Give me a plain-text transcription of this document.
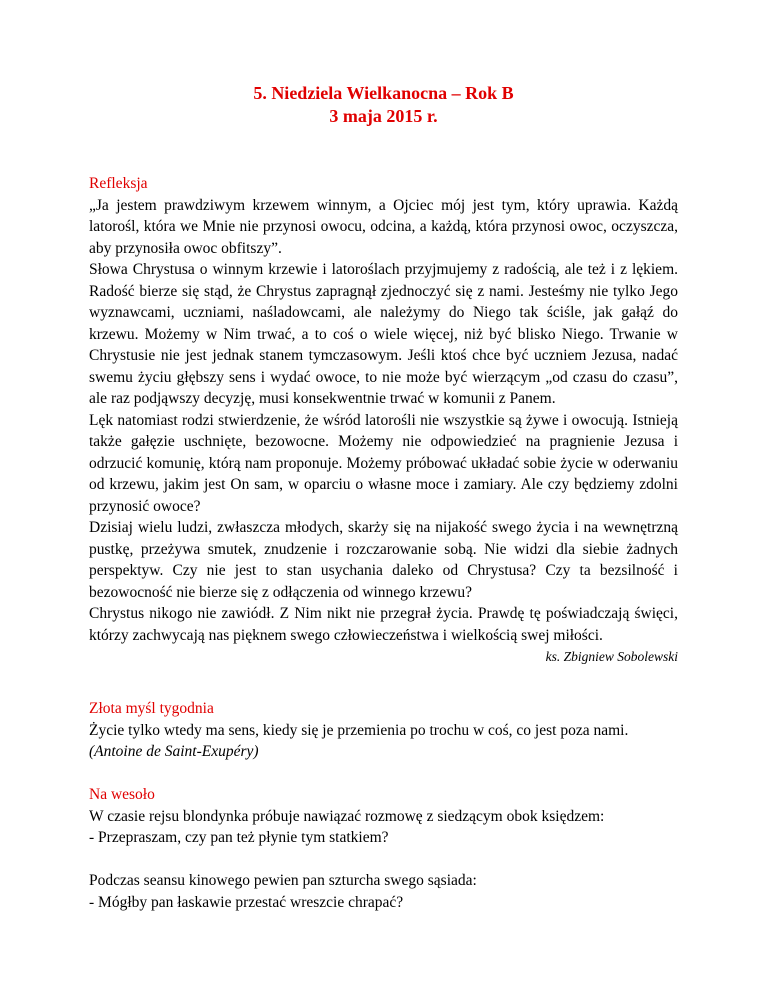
5. Niedziela Wielkanocna – Rok B
3 maja 2015 r.
Refleksja

„Ja jestem prawdziwym krzewem winnym, a Ojciec mój jest tym, który uprawia. Każdą latorośl, która we Mnie nie przynosi owocu, odcina, a każdą, która przynosi owoc, oczyszcza, aby przynosiła owoc obfitszy”.

Słowa Chrystusa o winnym krzewie i latoroślach przyjmujemy z radością, ale też i z lękiem. Radość bierze się stąd, że Chrystus zapragnął zjednoczyć się z nami. Jesteśmy nie tylko Jego wyznawcami, uczniami, naśladowcami, ale należymy do Niego tak ściśle, jak gałąź do krzewu. Możemy w Nim trwać, a to coś o wiele więcej, niż być blisko Niego. Trwanie w Chrystusie nie jest jednak stanem tymczasowym. Jeśli ktoś chce być uczniem Jezusa, nadać swemu życiu głębszy sens i wydać owoce, to nie może być wierzącym „od czasu do czasu”, ale raz podjąwszy decyzję, musi konsekwentnie trwać w komunii z Panem.

Lęk natomiast rodzi stwierdzenie, że wśród latorośli nie wszystkie są żywe i owocują. Istnieją także gałęzie uschnięte, bezowocne. Możemy nie odpowiedzieć na pragnienie Jezusa i odrzucić komunię, którą nam proponuje. Możemy próbować układać sobie życie w oderwaniu od krzewu, jakim jest On sam, w oparciu o własne moce i zamiary. Ale czy będziemy zdolni przynosić owoce?

Dzisiaj wielu ludzi, zwłaszcza młodych, skarży się na nijakość swego życia i na wewnętrzną pustkę, przeżywa smutek, znudzenie i rozczarowanie sobą. Nie widzi dla siebie żadnych perspektyw. Czy nie jest to stan usychania daleko od Chrystusa? Czy ta bezsilność i bezowocność nie bierze się z odłączenia od winnego krzewu?

Chrystus nikogo nie zawiódł. Z Nim nikt nie przegrał życia. Prawdę tę poświadczają święci, którzy zachwycają nas pięknem swego człowieczeństwa i wielkością swej miłości.

ks. Zbigniew Sobolewski
Złota myśl tygodnia

Życie tylko wtedy ma sens, kiedy się je przemienia po trochu w coś, co jest poza nami.

(Antoine de Saint-Exupéry)
Na wesoło
W czasie rejsu blondynka próbuje nawiązać rozmowę z siedzącym obok księdzem:
- Przepraszam, czy pan też płynie tym statkiem?
Podczas seansu kinowego pewien pan szturcha swego sąsiada:
- Mógłby pan łaskawie przestać wreszcie chrapać?
